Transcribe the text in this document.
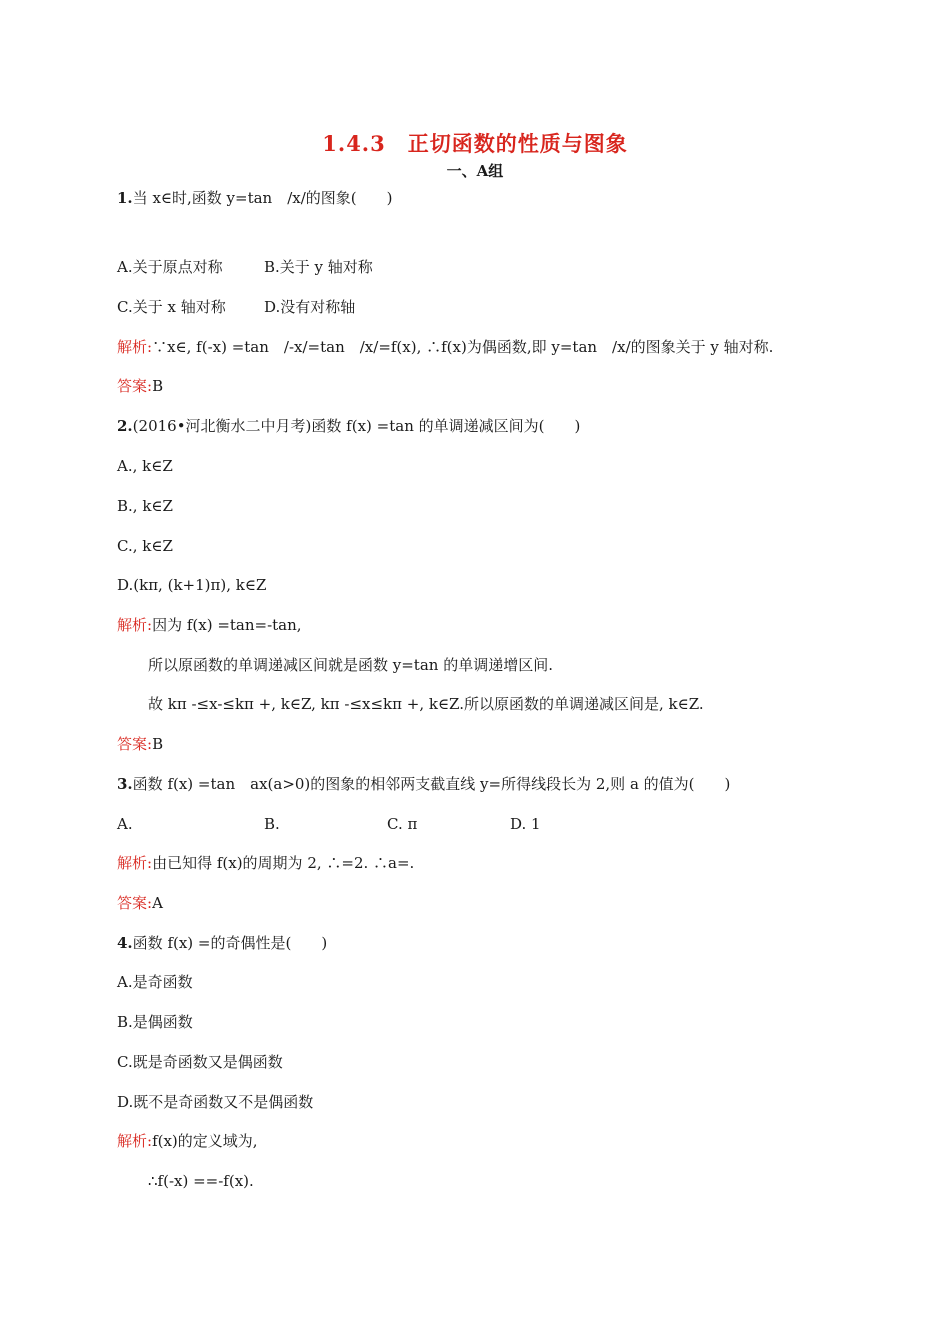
1.4.3　正切函数的性质与图象
一、A组
1.当 x∈时,函数 y=tan　/x/的图象(　　)
A.关于原点对称	B.关于 y 轴对称
C.关于 x 轴对称	D.没有对称轴
解析:∵x∈, f(-x) =tan　/-x/=tan　/x/=f(x), ∴f(x)为偶函数,即 y=tan　/x/的图象关于 y 轴对称.
答案:B
2.(2016•河北衡水二中月考)函数 f(x) =tan 的单调递减区间为(　　)
A., k∈Z
B., k∈Z
C., k∈Z
D.(kπ, (k+1)π), k∈Z
解析:因为 f(x) =tan=-tan,
所以原函数的单调递减区间就是函数 y=tan 的单调递增区间.
故 kπ -≤x-≤kπ +, k∈Z, kπ -≤x≤kπ +, k∈Z.所以原函数的单调递减区间是, k∈Z.
答案:B
3.函数 f(x) =tan　ax(a>0)的图象的相邻两支截直线 y=所得线段长为 2,则 a 的值为(　　)
A.	B.	C. π	D. 1
解析:由已知得 f(x)的周期为 2, ∴=2. ∴a=.
答案:A
4.函数 f(x) =的奇偶性是(　　)
A.是奇函数
B.是偶函数
C.既是奇函数又是偶函数
D.既不是奇函数又不是偶函数
解析:f(x)的定义域为,
∴f(-x) ==-f(x).
